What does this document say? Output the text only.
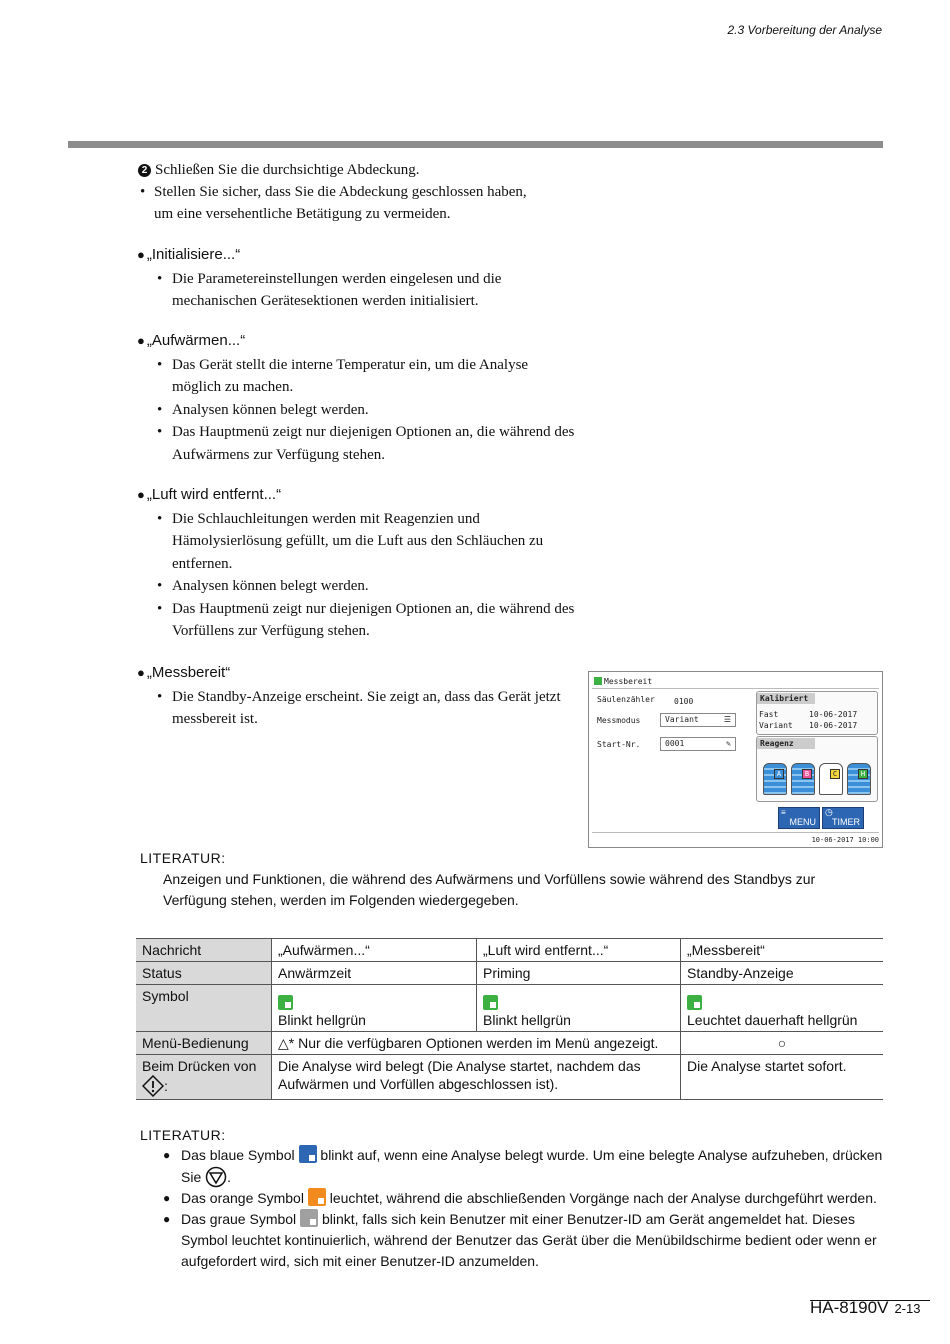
2.3 Vorbereitung der Analyse
2 Schließen Sie die durchsichtige Abdeckung.
• Stellen Sie sicher, dass Sie die Abdeckung geschlossen haben,
um eine versehentliche Betätigung zu vermeiden.
● „Initialisiere...“
• Die Parametereinstellungen werden eingelesen und die mechanischen Gerätesektionen werden initialisiert.
● „Aufwärmen...“
• Das Gerät stellt die interne Temperatur ein, um die Analyse möglich zu machen.
• Analysen können belegt werden.
• Das Hauptmenü zeigt nur diejenigen Optionen an, die während des Aufwärmens zur Verfügung stehen.
● „Luft wird entfernt...“
• Die Schlauchleitungen werden mit Reagenzien und Hämolysierlösung gefüllt, um die Luft aus den Schläuchen zu entfernen.
• Analysen können belegt werden.
• Das Hauptmenü zeigt nur diejenigen Optionen an, die während des Vorfüllens zur Verfügung stehen.
● „Messbereit“
• Die Standby-Anzeige erscheint. Sie zeigt an, dass das Gerät jetzt messbereit ist.
Messbereit
Säulenzähler 0100
Messmodus	Variant	☰
Start-Nr.	0001	✎
Kalibriert
Fast	10-06-2017
Variant 10-06-2017
Reagenz
A	B	C	H
≡
MENU
◷
TIMER
10-06-2017 10:00
LITERATUR:
Anzeigen und Funktionen, die während des Aufwärmens und Vorfüllens sowie während des Standbys zur Verfügung stehen, werden im Folgenden wiedergegeben.
Nachricht	„Aufwärmen...“	„Luft wird entfernt...“	„Messbereit“
Status	Anwärmzeit	Priming	Standby-Anzeige
Symbol	Blinkt hellgrün	Blinkt hellgrün	Leuchtet dauerhaft hellgrün

Menü-Bedienung	△* Nur die verfügbaren Optionen werden im Menü angezeigt.		○

Beim Drücken von
:	Die Analyse wird belegt (Die Analyse startet, nachdem das Aufwärmen und Vorfüllen abgeschlossen ist).		Die Analyse startet sofort.
LITERATUR:
● Das blaue Symbol blinkt auf, wenn eine Analyse belegt wurde. Um eine belegte Analyse aufzuheben, drücken Sie .
● Das orange Symbol leuchtet, während die abschließenden Vorgänge nach der Analyse durchgeführt werden.
● Das graue Symbol blinkt, falls sich kein Benutzer mit einer Benutzer-ID am Gerät angemeldet hat. Dieses Symbol leuchtet kontinuierlich, während der Benutzer das Gerät über die Menübildschirme bedient oder wenn er aufgefordert wird, sich mit einer Benutzer-ID anzumelden.
HA-8190V 2-13
